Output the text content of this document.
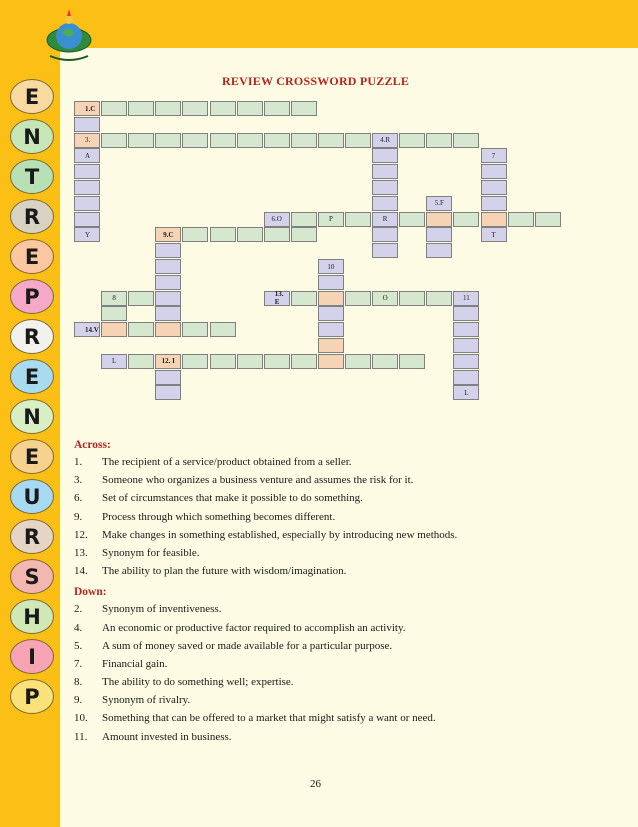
E
N
T
R
E
P
R
E
N
E
U
R
S
H
I
P
REVIEW CROSSWORD PUZZLE
1.C
3.	4.R
A
Y
7
T
5.F
6.O	P	R
9.C
10
8	13. E	O	11
14.V
L
L	12. I
Across:
1.	The recipient of a service/product obtained from a seller.
3.	Someone who organizes a business venture and assumes the risk for it.
6.	Set of circumstances that make it possible to do something.
9.	Process through which something becomes different.
12.	Make changes in something established, especially by introducing new methods.
13.	Synonym for feasible.
14.	The ability to plan the future with wisdom/imagination.
Down:
2.	Synonym of inventiveness.
4.	An economic or productive factor required to accomplish an activity.
5.	A sum of money saved or made available for a particular purpose.
7.	Financial gain.
8.	The ability to do something well; expertise.
9.	Synonym of rivalry.
10.	Something that can be offered to a market that might satisfy a want or need.
11.	Amount invested in business.
26
